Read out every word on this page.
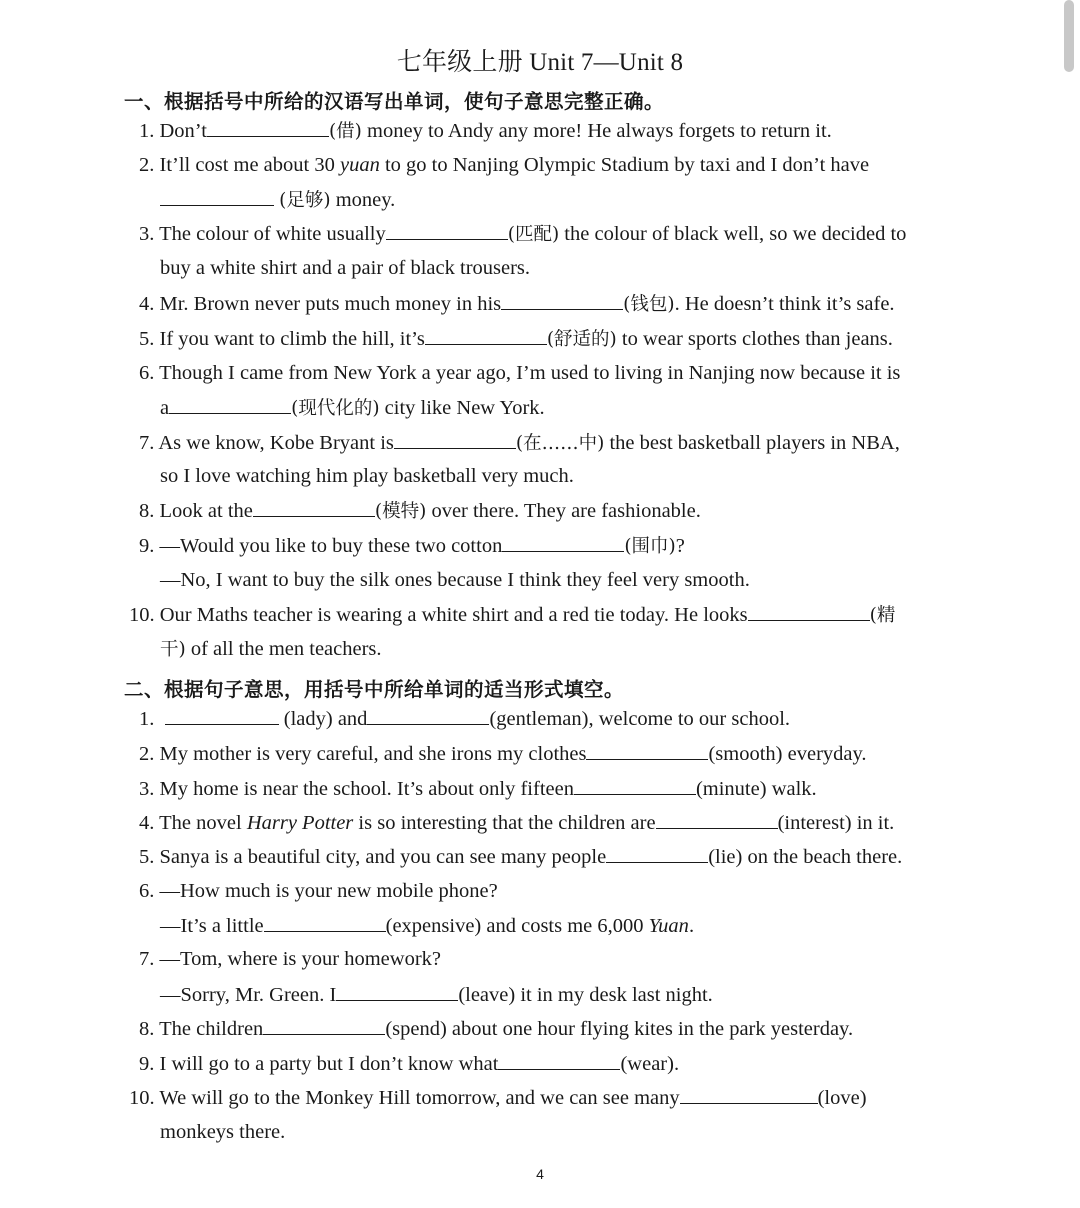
七年级上册 Unit 7—Unit 8
一、根据括号中所给的汉语写出单词，使句子意思完整正确。
1. Don’t	(借) money to Andy any more! He always forgets to return it.
2. It’ll cost me about 30 yuan to go to Nanjing Olympic Stadium by taxi and I don’t have
(足够) money.
3. The colour of white usually	(匹配) the colour of black well, so we decided to
buy a white shirt and a pair of black trousers.
4. Mr. Brown never puts much money in his	(钱包). He doesn’t think it’s safe.
5. If you want to climb the hill, it’s	(舒适的) to wear sports clothes than jeans.
6. Though I came from New York a year ago, I’m used to living in Nanjing now because it is
a	(现代化的) city like New York.
7. As we know, Kobe Bryant is	(在……中) the best basketball players in NBA,
so I love watching him play basketball very much.
8. Look at the	(模特) over there. They are fashionable.
9. —Would you like to buy these two cotton	(围巾)?
—No, I want to buy the silk ones because I think they feel very smooth.
10. Our Maths teacher is wearing a white shirt and a red tie today. He looks	(精
干) of all the men teachers.
二、根据句子意思，用括号中所给单词的适当形式填空。
1.	(lady) and	(gentleman), welcome to our school.
2. My mother is very careful, and she irons my clothes	(smooth) everyday.
3. My home is near the school. It’s about only fifteen	(minute) walk.
4. The novel Harry Potter is so interesting that the children are	(interest) in it.
5. Sanya is a beautiful city, and you can see many people	(lie) on the beach there.
6. —How much is your new mobile phone?
—It’s a little	(expensive) and costs me 6,000 Yuan.
7. —Tom, where is your homework?
—Sorry, Mr. Green. I	(leave) it in my desk last night.
8. The children	(spend) about one hour flying kites in the park yesterday.
9. I will go to a party but I don’t know what	(wear).
10. We will go to the Monkey Hill tomorrow, and we can see many	(love)
monkeys there.
4
